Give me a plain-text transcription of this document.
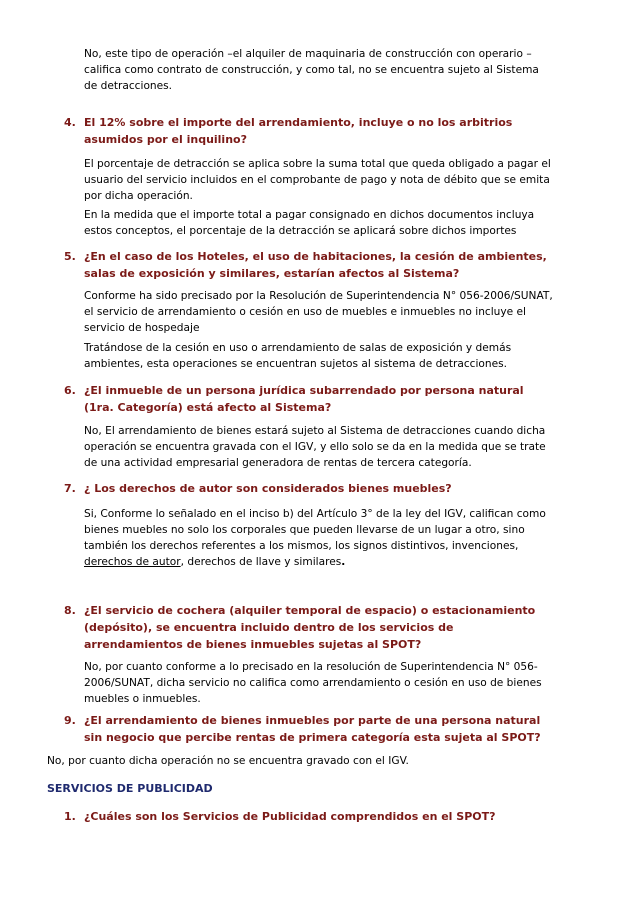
No, este tipo de operación –el alquiler de maquinaria de construcción con operario – califica como contrato de construcción, y como tal, no se encuentra sujeto al Sistema de detracciones.

4. El 12% sobre el importe del arrendamiento, incluye o no los arbitrios asumidos por el inquilino?

El porcentaje de detracción se aplica sobre la suma total que queda obligado a pagar el usuario del servicio incluidos en el comprobante de pago y nota de débito que se emita por dicha operación.

En la medida que el importe total a pagar consignado en dichos documentos incluya estos conceptos, el porcentaje de la detracción se aplicará sobre dichos importes

5. ¿En el caso de los Hoteles, el uso de habitaciones, la cesión de ambientes, salas de exposición y similares, estarían afectos al Sistema?

Conforme ha sido precisado por la Resolución de Superintendencia N° 056-2006/SUNAT, el servicio de arrendamiento o cesión en uso de muebles e inmuebles no incluye el servicio de hospedaje

Tratándose de la cesión en uso o arrendamiento de salas de exposición y demás ambientes, esta operaciones se encuentran sujetos al sistema de detracciones.

6. ¿El inmueble de un persona jurídica subarrendado por persona natural (1ra. Categoría) está afecto al Sistema?

No, El arrendamiento de bienes estará sujeto al Sistema de detracciones cuando dicha operación se encuentra gravada con el IGV, y ello solo se da en la medida que se trate de una actividad empresarial generadora de rentas de tercera categoría.

7. ¿ Los derechos de autor son considerados bienes muebles?

Si, Conforme lo señalado en el inciso b) del Artículo 3° de la ley del IGV, califican como bienes muebles no solo los corporales que pueden llevarse de un lugar a otro, sino también los derechos referentes a los mismos, los signos distintivos, invenciones, derechos de autor, derechos de llave y similares.

8. ¿El servicio de cochera (alquiler temporal de espacio) o estacionamiento (depósito), se encuentra incluido dentro de los servicios de arrendamientos de bienes inmuebles sujetas al SPOT?

No, por cuanto conforme a lo precisado en la resolución de Superintendencia N° 056-2006/SUNAT, dicha servicio no califica como arrendamiento o cesión en uso de bienes muebles o inmuebles.

9. ¿El arrendamiento de bienes inmuebles por parte de una persona natural sin negocio que percibe rentas de primera categoría esta sujeta al SPOT?

No, por cuanto dicha operación no se encuentra gravado con el IGV.

SERVICIOS DE PUBLICIDAD

1. ¿Cuáles son los Servicios de Publicidad comprendidos en el SPOT?
